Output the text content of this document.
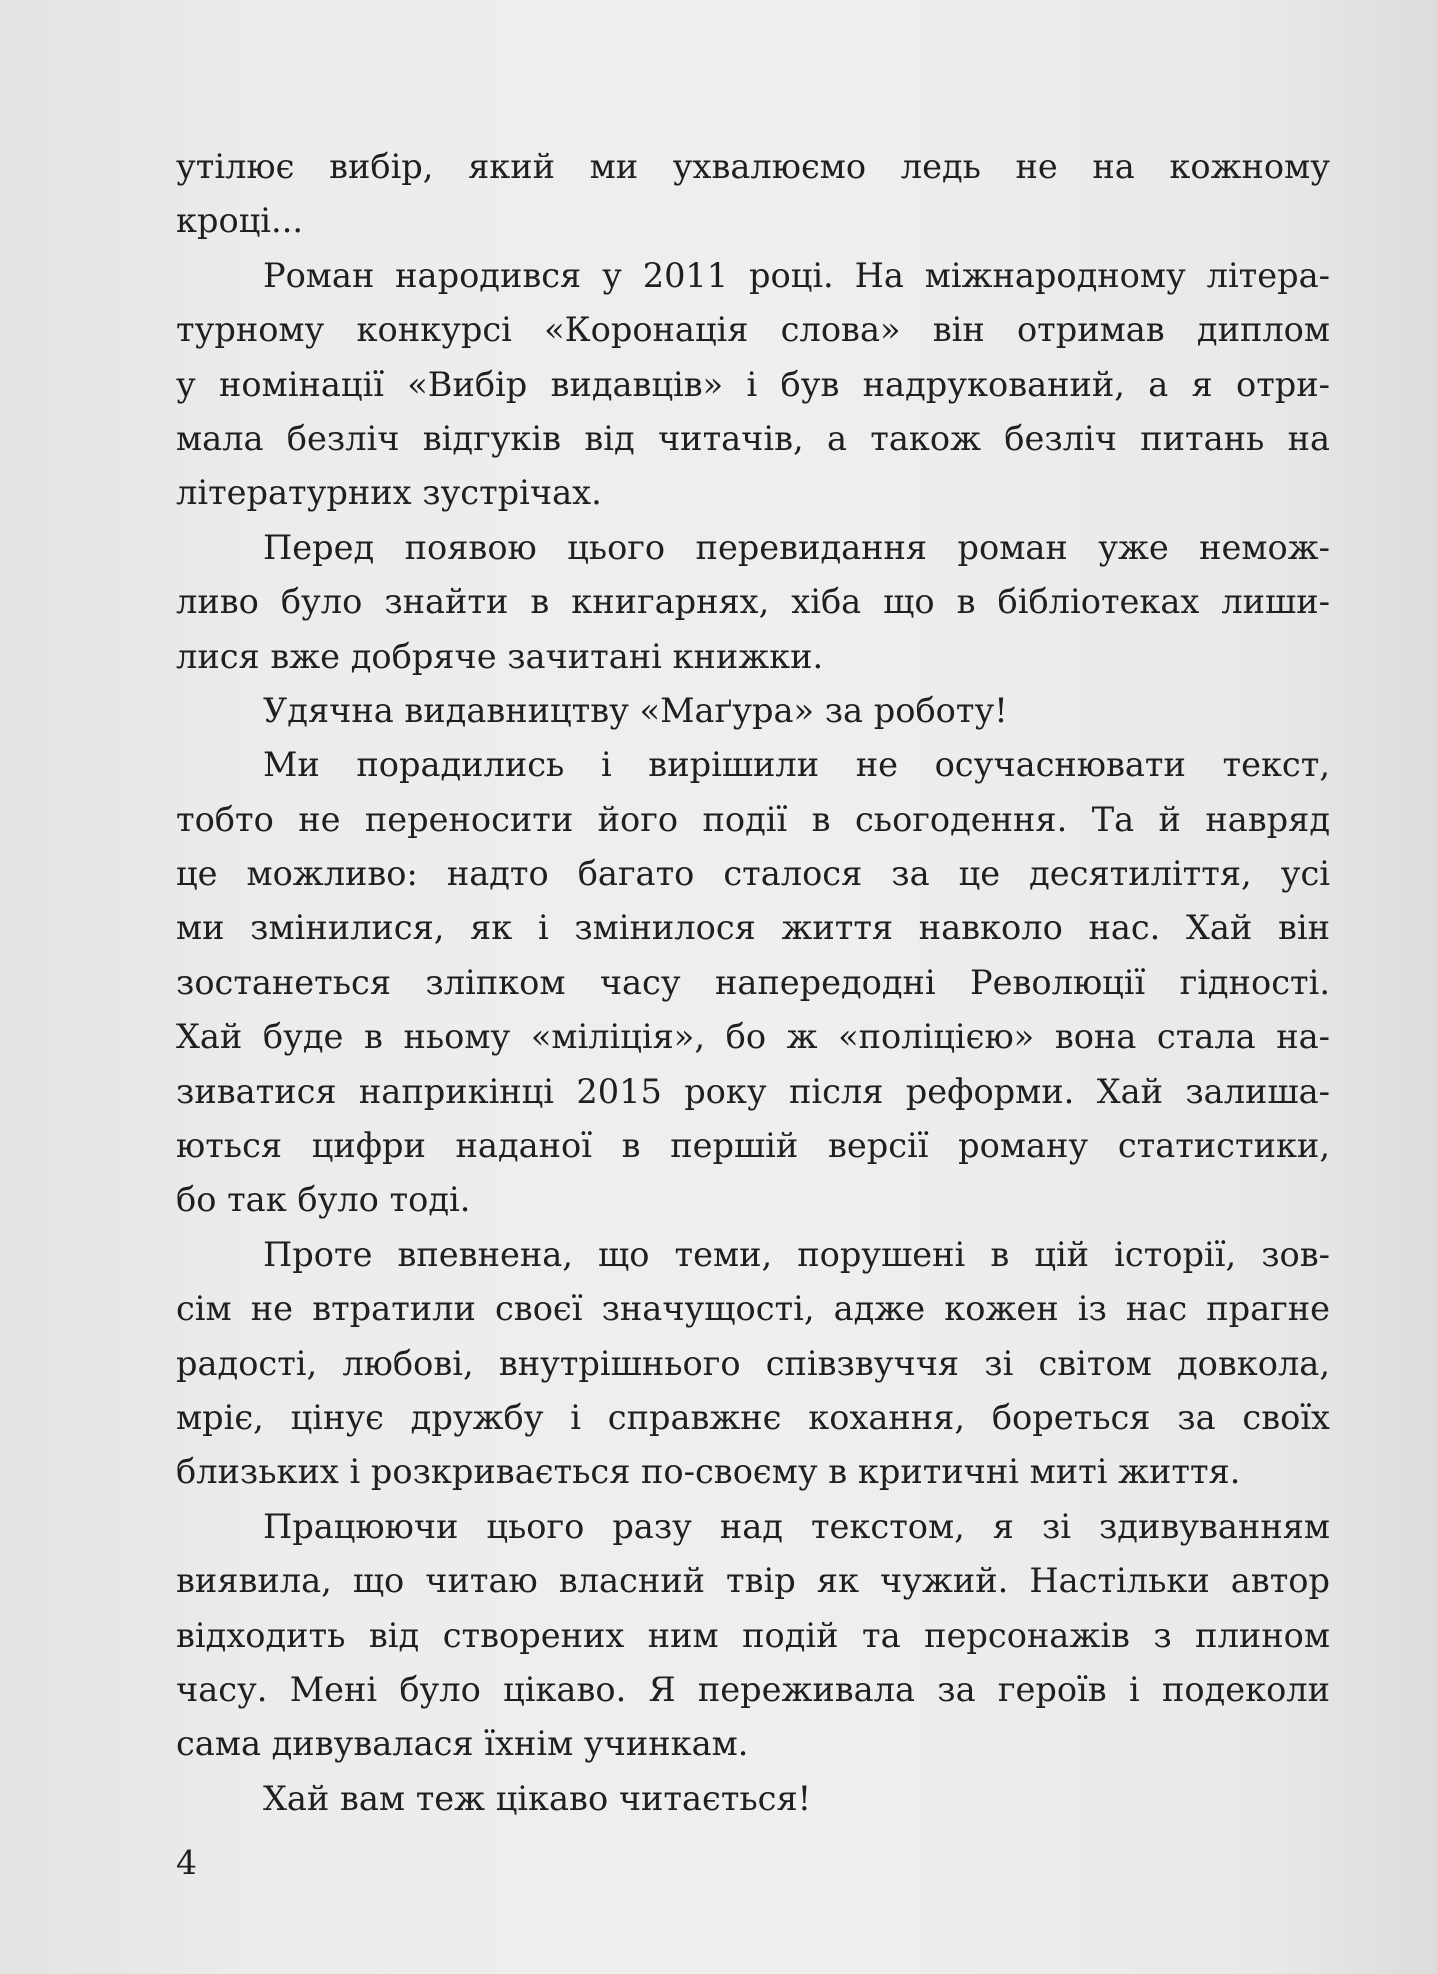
утілює вибір, який ми ухвалюємо ледь не на кожному
кроці...
Роман народився у 2011 році. На міжнародному літера-
турному конкурсі «Коронація слова» він отримав диплом
у номінації «Вибір видавців» і був надрукований, а я отри-
мала безліч відгуків від читачів, а також безліч питань на
літературних зустрічах.
Перед появою цього перевидання роман уже немож-
ливо було знайти в книгарнях, хіба що в бібліотеках лиши-
лися вже добряче зачитані книжки.
Удячна видавництву «Маґура» за роботу!
Ми порадились і вирішили не осучаснювати текст,
тобто не переносити його події в сьогодення. Та й навряд
це можливо: надто багато сталося за це десятиліття, усі
ми змінилися, як і змінилося життя навколо нас. Хай він
зостанеться зліпком часу напередодні Революції гідності.
Хай буде в ньому «міліція», бо ж «поліцією» вона стала на-
зиватися наприкінці 2015 року після реформи. Хай залиша-
ються цифри наданої в першій версії роману статистики,
бо так було тоді.
Проте впевнена, що теми, порушені в цій історії, зов-
сім не втратили своєї значущості, адже кожен із нас прагне
радості, любові, внутрішнього співзвуччя зі світом довкола,
мріє, цінує дружбу і справжнє кохання, бореться за своїх
близьких і розкривається по-своєму в критичні миті життя.
Працюючи цього разу над текстом, я зі здивуванням
виявила, що читаю власний твір як чужий. Настільки автор
відходить від створених ним подій та персонажів з плином
часу. Мені було цікаво. Я переживала за героїв і подеколи
сама дивувалася їхнім учинкам.
Хай вам теж цікаво читається!
4
